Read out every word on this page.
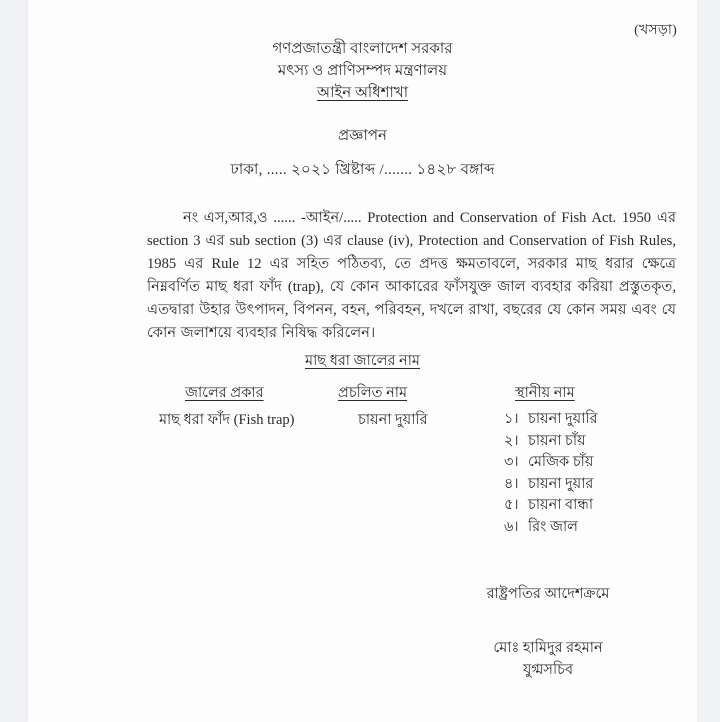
(খসড়া)
গণপ্রজাতন্ত্রী বাংলাদেশ সরকার
মৎস্য ও প্রাণিসম্পদ মন্ত্রণালয়
আইন অধিশাখা
প্রজ্ঞাপন
ঢাকা, ..... ২০২১ খ্রিষ্টাব্দ /....... ১৪২৮ বঙ্গাব্দ
নং এস,আর,ও ...... -আইন/..... Protection and Conservation of Fish Act. 1950 এর section 3 এর sub section (3) এর clause (iv), Protection and Conservation of Fish Rules, 1985 এর Rule 12 এর সহিত পঠিতব্য, তে প্রদত্ত ক্ষমতাবলে, সরকার মাছ ধরার ক্ষেত্রে নিম্নবর্ণিত মাছ ধরা ফাঁদ (trap), যে কোন আকারের ফাঁসযুক্ত জাল ব্যবহার করিয়া প্রস্তুতকৃত, এতদ্বারা উহার উৎপাদন, বিপনন, বহন, পরিবহন, দখলে রাখা, বছরের যে কোন সময় এবং যে কোন জলাশয়ে ব্যবহার নিষিদ্ধ করিলেন।
মাছ ধরা জালের নাম
জালের প্রকার	প্রচলিত নাম	স্থানীয় নাম
মাছ ধরা ফাঁদ (Fish trap)	চায়না দুয়ারি	১। চায়না দুয়ারি
২। চায়না চাঁয়
৩। মেজিক চাঁয়
৪। চায়না দুয়ার
৫। চায়না বান্ধা
৬। রিং জাল
রাষ্ট্রপতির আদেশক্রমে
মোঃ হামিদুর রহমান
যুগ্মসচিব
